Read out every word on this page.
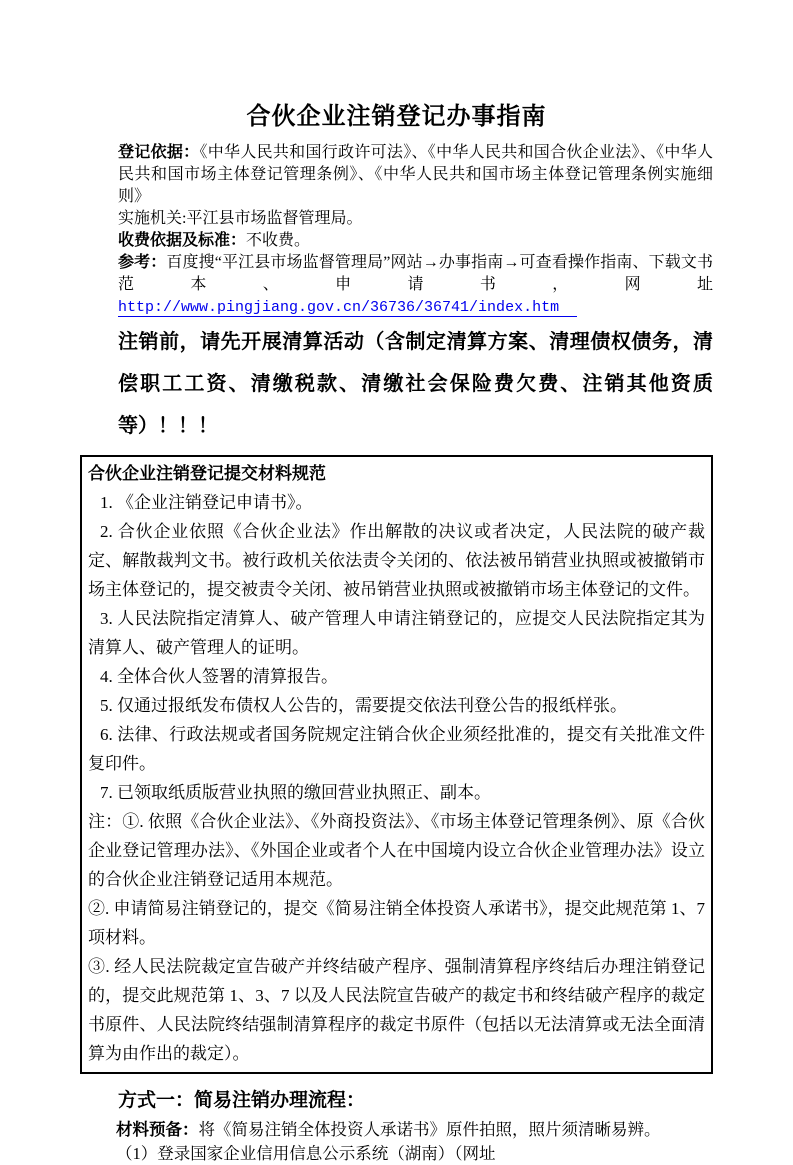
合伙企业注销登记办事指南

登记依据：《中华人民共和国行政许可法》、《中华人民共和国合伙企业法》、《中华人民共和国市场主体登记管理条例》、《中华人民共和国市场主体登记管理条例实施细则》

实施机关:平江县市场监督管理局。

收费依据及标准：不收费。

参考：百度搜“平江县市场监督管理局”网站→办事指南→可查看操作指南、下载文书范本、申请书，网址 http://www.pingjiang.gov.cn/36736/36741/index.htm

注销前，请先开展清算活动（含制定清算方案、清理债权债务，清偿职工工资、清缴税款、清缴社会保险费欠费、注销其他资质等）！！！

合伙企业注销登记提交材料规范

1. 《企业注销登记申请书》。

2. 合伙企业依照《合伙企业法》作出解散的决议或者决定，人民法院的破产裁定、解散裁判文书。被行政机关依法责令关闭的、依法被吊销营业执照或被撤销市场主体登记的，提交被责令关闭、被吊销营业执照或被撤销市场主体登记的文件。

3. 人民法院指定清算人、破产管理人申请注销登记的，应提交人民法院指定其为清算人、破产管理人的证明。

4. 全体合伙人签署的清算报告。

5. 仅通过报纸发布债权人公告的，需要提交依法刊登公告的报纸样张。

6. 法律、行政法规或者国务院规定注销合伙企业须经批准的，提交有关批准文件复印件。

7. 已领取纸质版营业执照的缴回营业执照正、副本。

注：①. 依照《合伙企业法》、《外商投资法》、《市场主体登记管理条例》、原《合伙企业登记管理办法》、《外国企业或者个人在中国境内设立合伙企业管理办法》设立的合伙企业注销登记适用本规范。

②. 申请简易注销登记的，提交《简易注销全体投资人承诺书》，提交此规范第 1、7 项材料。

③. 经人民法院裁定宣告破产并终结破产程序、强制清算程序终结后办理注销登记的，提交此规范第 1、3、7 以及人民法院宣告破产的裁定书和终结破产程序的裁定书原件、人民法院终结强制清算程序的裁定书原件（包括以无法清算或无法全面清算为由作出的裁定）。

方式一：简易注销办理流程：

材料预备：将《简易注销全体投资人承诺书》原件拍照，照片须清晰易辨。

（1）登录国家企业信用信息公示系统（湖南）（网址
